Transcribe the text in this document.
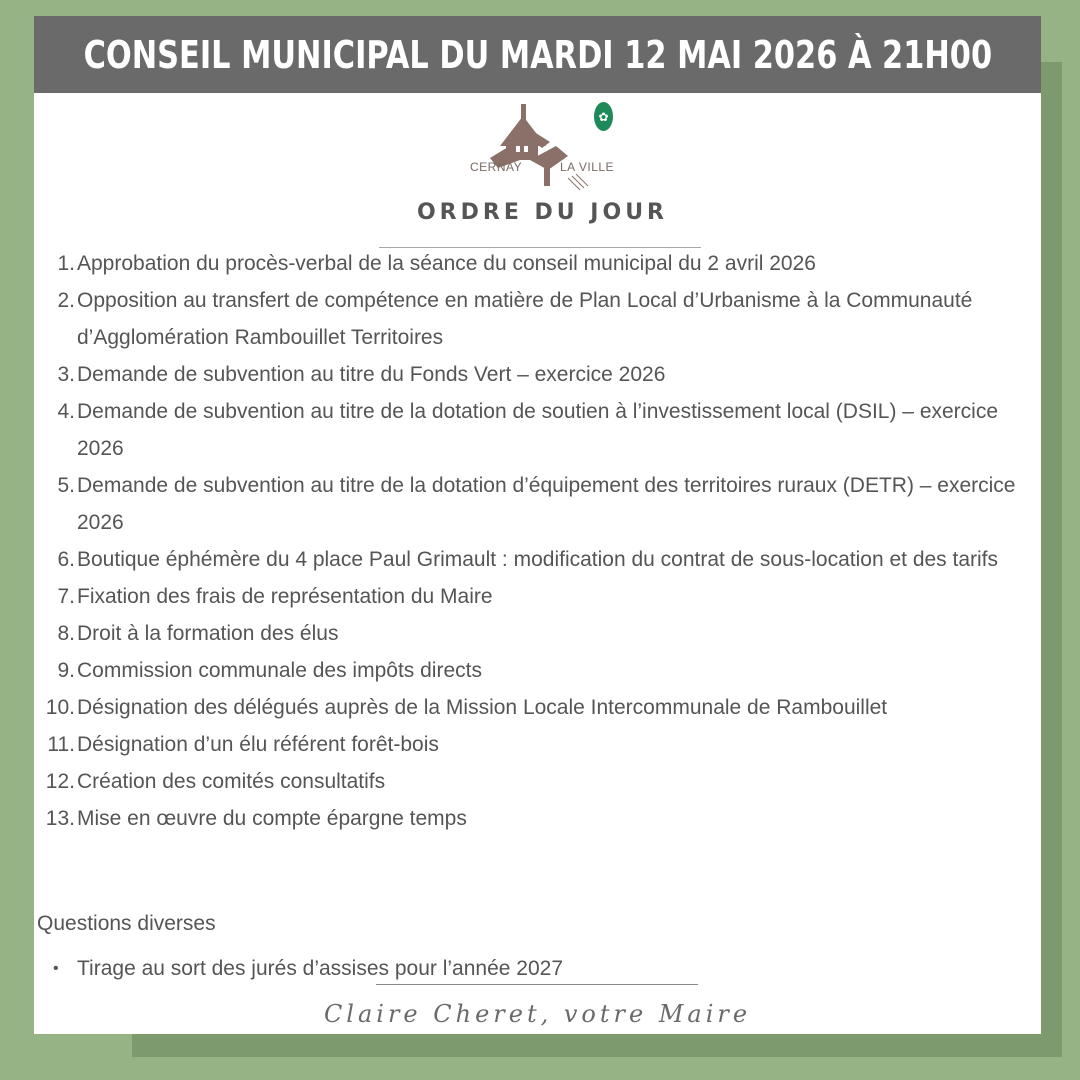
CONSEIL MUNICIPAL DU MARDI 12 MAI 2026 À 21H00
CERNAY	LA VILLE
✿
ORDRE DU JOUR
1. Approbation du procès-verbal de la séance du conseil municipal du 2 avril 2026
2. Opposition au transfert de compétence en matière de Plan Local d’Urbanisme à la Communauté d’Agglomération Rambouillet Territoires
3. Demande de subvention au titre du Fonds Vert – exercice 2026
4. Demande de subvention au titre de la dotation de soutien à l’investissement local (DSIL) – exercice 2026
5. Demande de subvention au titre de la dotation d’équipement des territoires ruraux (DETR) – exercice 2026
6. Boutique éphémère du 4 place Paul Grimault : modification du contrat de sous-location et des tarifs
7. Fixation des frais de représentation du Maire
8. Droit à la formation des élus
9. Commission communale des impôts directs
10. Désignation des délégués auprès de la Mission Locale Intercommunale de Rambouillet
11. Désignation d’un élu référent forêt-bois
12. Création des comités consultatifs
13. Mise en œuvre du compte épargne temps
Questions diverses
• Tirage au sort des jurés d’assises pour l’année 2027
Claire Cheret, votre Maire
